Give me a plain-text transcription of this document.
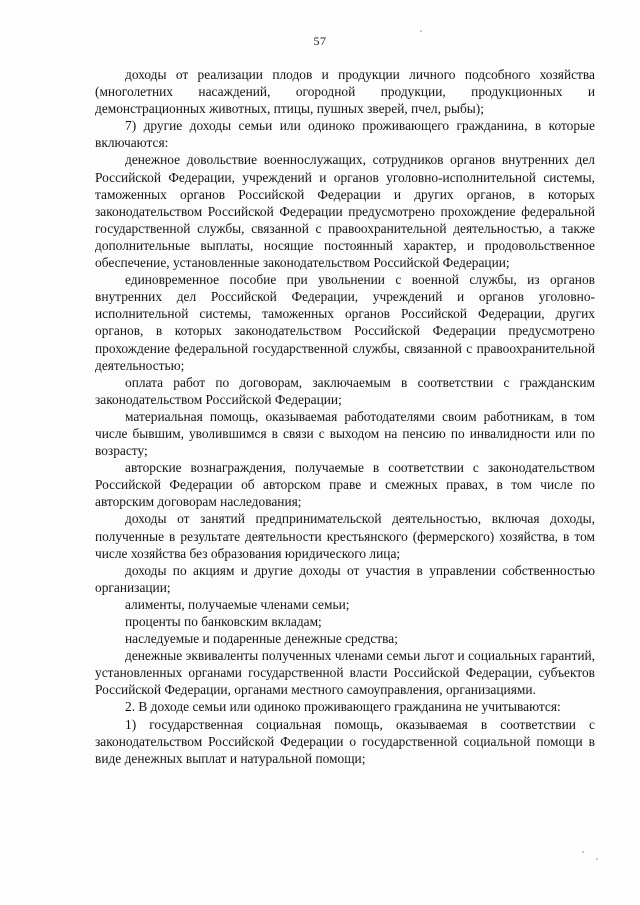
57

доходы от реализации плодов и продукции личного подсобного хозяйства (многолетних насаждений, огородной продукции, продукционных и демонстрационных животных, птицы, пушных зверей, пчел, рыбы);

7) другие доходы семьи или одиноко проживающего гражданина, в которые включаются:

денежное довольствие военнослужащих, сотрудников органов внутренних дел Российской Федерации, учреждений и органов уголовно-исполнительной системы, таможенных органов Российской Федерации и других органов, в которых законодательством Российской Федерации предусмотрено прохождение федеральной государственной службы, связанной с правоохранительной деятельностью, а также дополнительные выплаты, носящие постоянный характер, и продовольственное обеспечение, установленные законодательством Российской Федерации;

единовременное пособие при увольнении с военной службы, из органов внутренних дел Российской Федерации, учреждений и органов уголовно-исполнительной системы, таможенных органов Российской Федерации, других органов, в которых законодательством Российской Федерации предусмотрено прохождение федеральной государственной службы, связанной с правоохранительной деятельностью;

оплата работ по договорам, заключаемым в соответствии с гражданским законодательством Российской Федерации;

материальная помощь, оказываемая работодателями своим работникам, в том числе бывшим, уволившимся в связи с выходом на пенсию по инвалидности или по возрасту;

авторские вознаграждения, получаемые в соответствии с законодательством Российской Федерации об авторском праве и смежных правах, в том числе по авторским договорам наследования;

доходы от занятий предпринимательской деятельностью, включая доходы, полученные в результате деятельности крестьянского (фермерского) хозяйства, в том числе хозяйства без образования юридического лица;

доходы по акциям и другие доходы от участия в управлении собственностью организации;

алименты, получаемые членами семьи;

проценты по банковским вкладам;

наследуемые и подаренные денежные средства;

денежные эквиваленты полученных членами семьи льгот и социальных гарантий, установленных органами государственной власти Российской Федерации, субъектов Российской Федерации, органами местного самоуправления, организациями.

2. В доходе семьи или одиноко проживающего гражданина не учитываются:

1) государственная социальная помощь, оказываемая в соответствии с законодательством Российской Федерации о государственной социальной помощи в виде денежных выплат и натуральной помощи;
